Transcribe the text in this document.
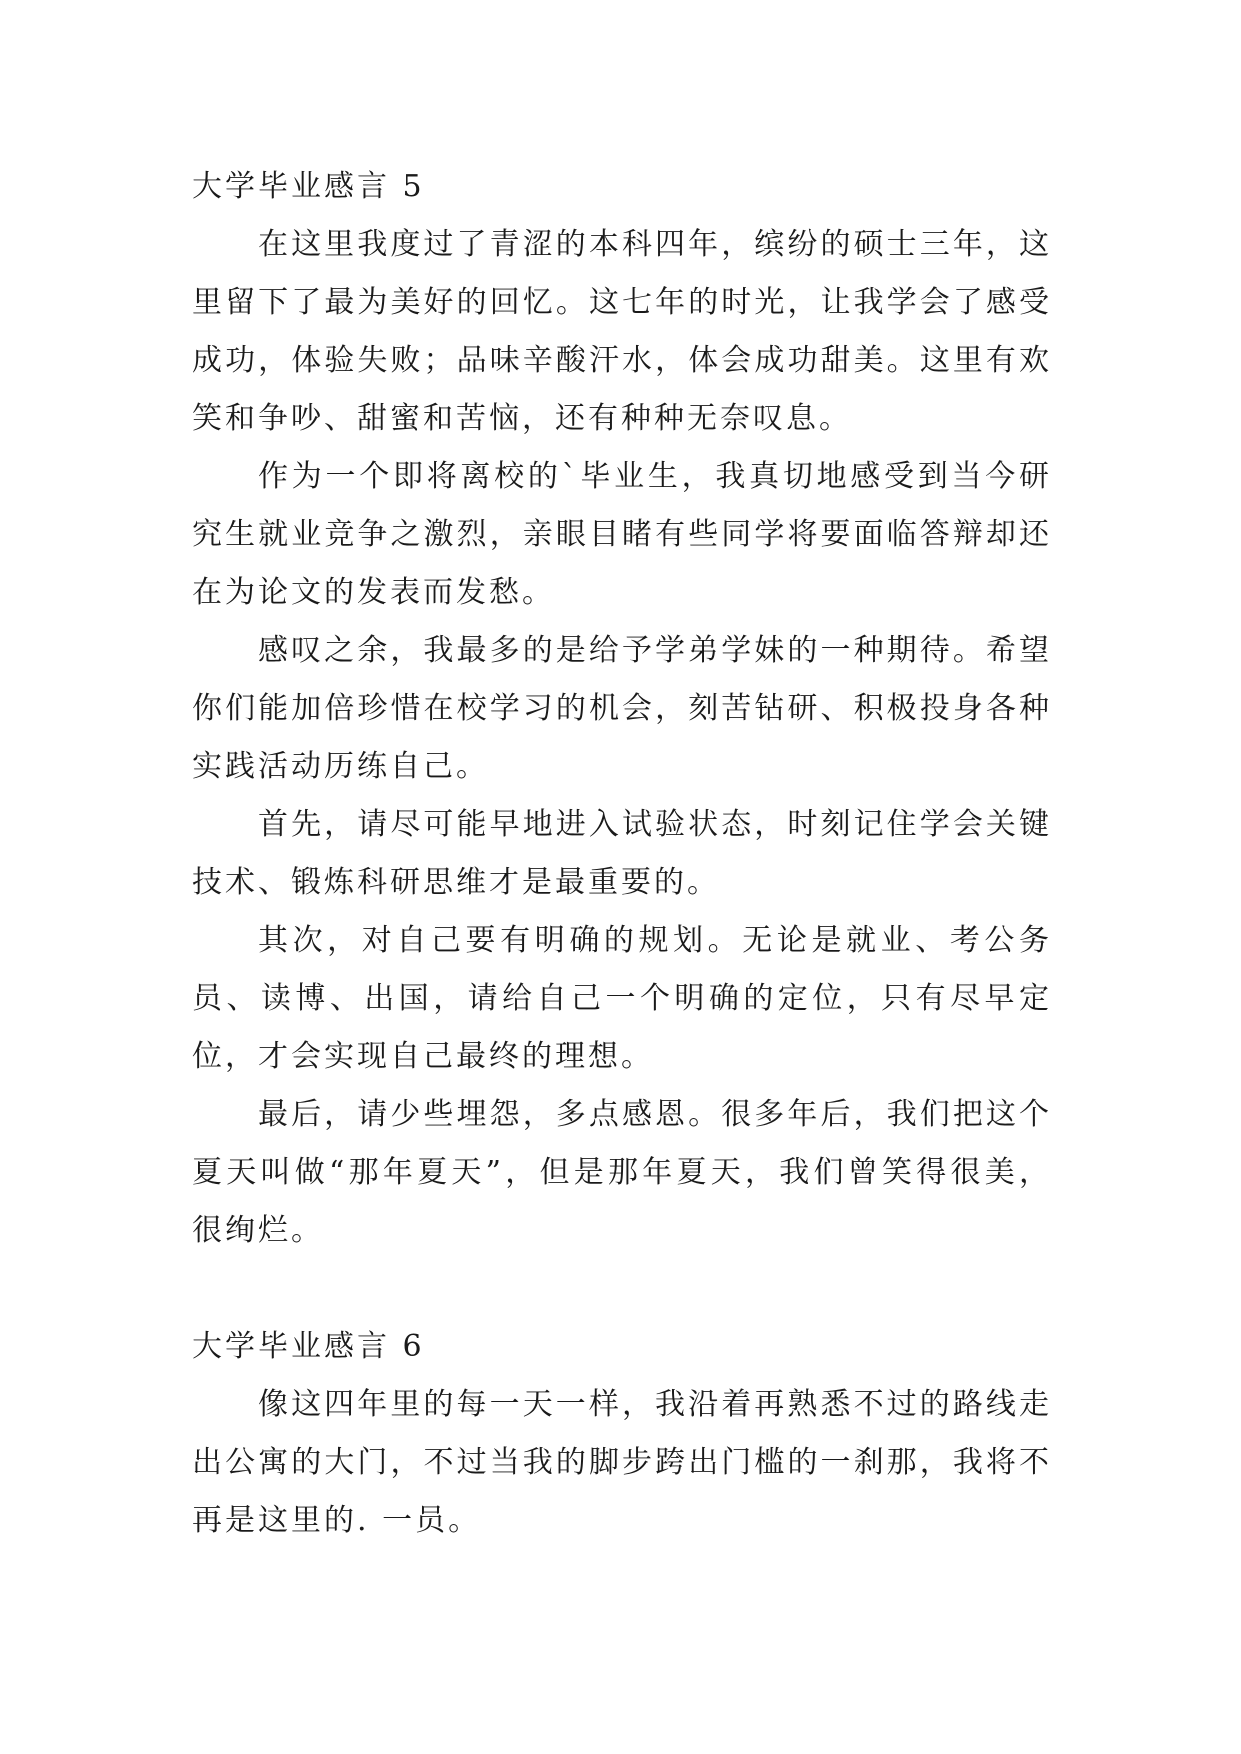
大学毕业感言 5

在这里我度过了青涩的本科四年，缤纷的硕士三年，这里留下了最为美好的回忆。这七年的时光，让我学会了感受成功，体验失败；品味辛酸汗水，体会成功甜美。这里有欢笑和争吵、甜蜜和苦恼，还有种种无奈叹息。

作为一个即将离校的`毕业生，我真切地感受到当今研究生就业竞争之激烈，亲眼目睹有些同学将要面临答辩却还在为论文的发表而发愁。

感叹之余，我最多的是给予学弟学妹的一种期待。希望你们能加倍珍惜在校学习的机会，刻苦钻研、积极投身各种实践活动历练自己。

首先，请尽可能早地进入试验状态，时刻记住学会关键技术、锻炼科研思维才是最重要的。

其次，对自己要有明确的规划。无论是就业、考公务员、读博、出国，请给自己一个明确的定位，只有尽早定位，才会实现自己最终的理想。

最后，请少些埋怨，多点感恩。很多年后，我们把这个夏天叫做“那年夏天”，但是那年夏天，我们曾笑得很美，很绚烂。

大学毕业感言 6

像这四年里的每一天一样，我沿着再熟悉不过的路线走出公寓的大门，不过当我的脚步跨出门槛的一刹那，我将不再是这里的. 一员。
